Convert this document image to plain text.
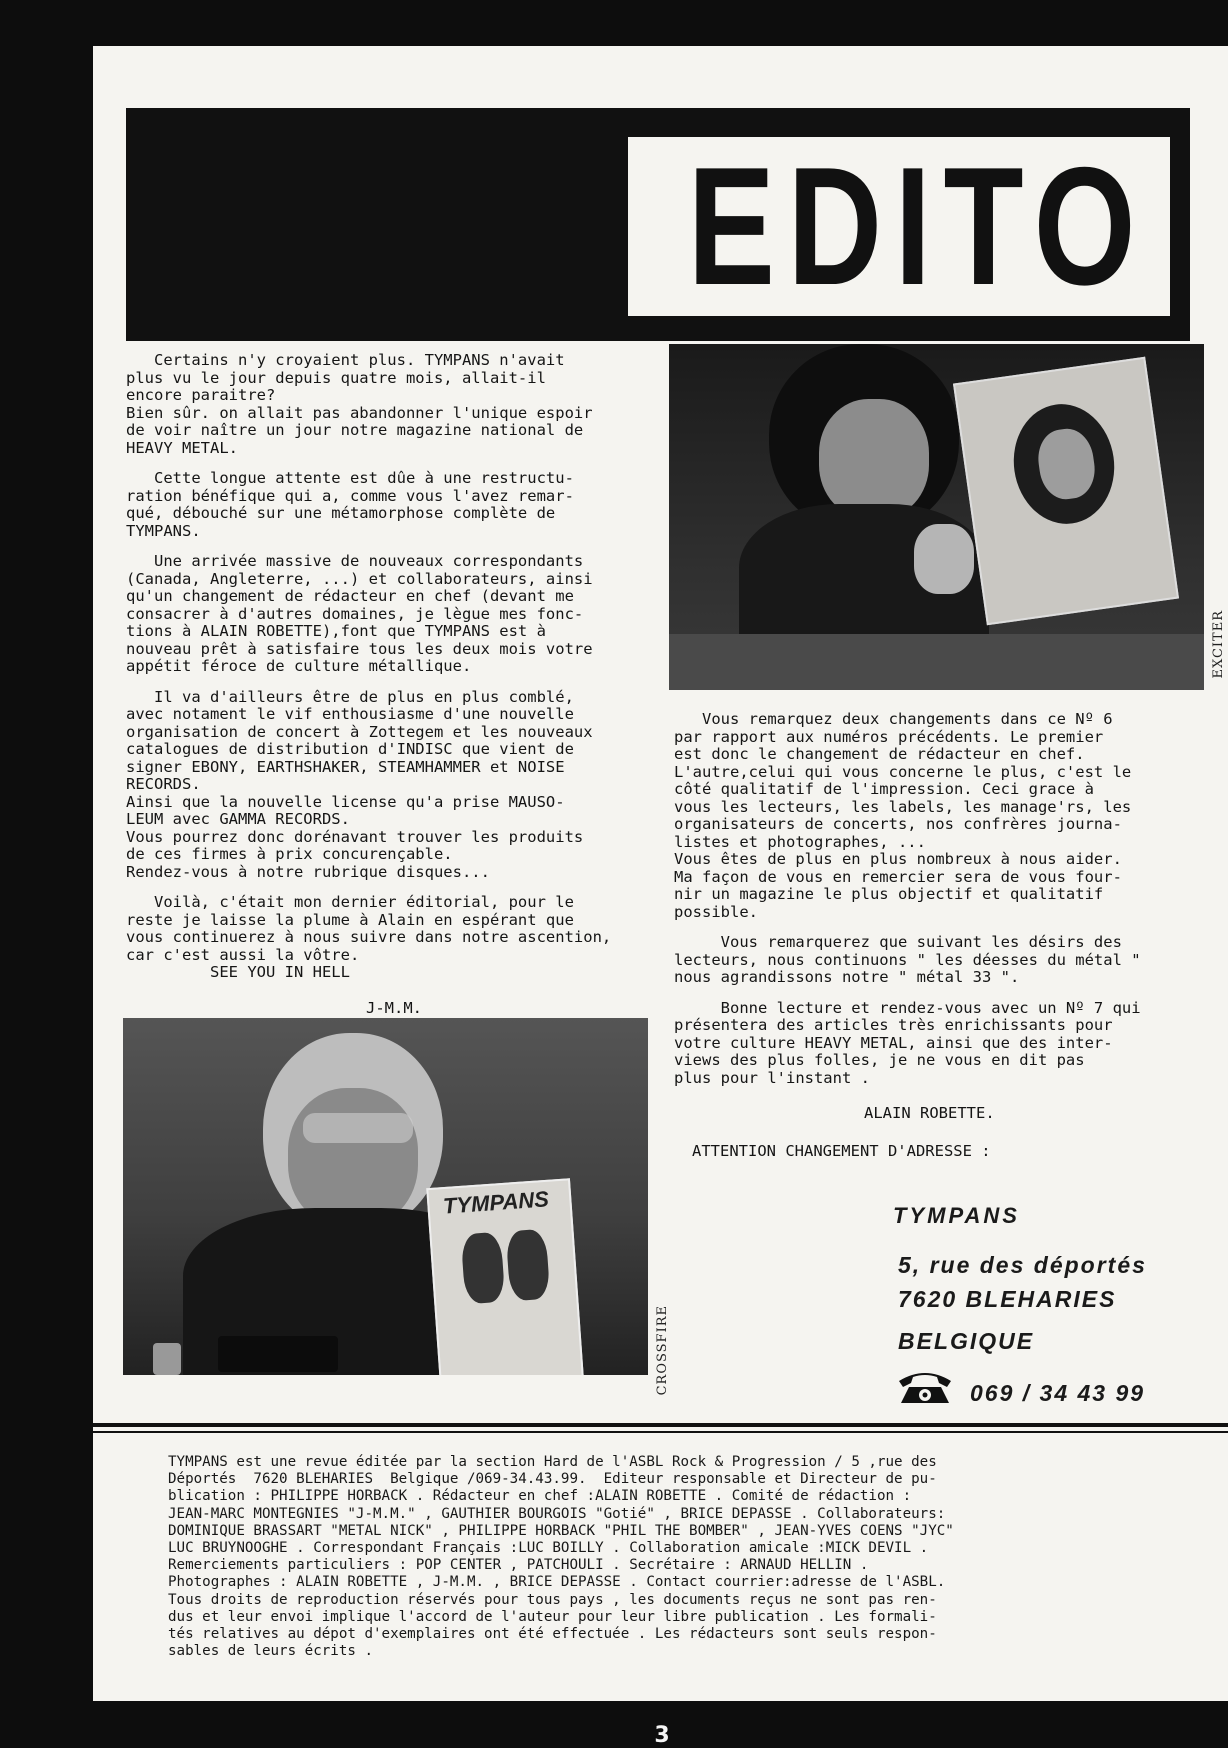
EDITO
Certains n'y croyaient plus. TYMPANS n'avait
plus vu le jour depuis quatre mois, allait-il
encore paraitre?
Bien sûr. on allait pas abandonner l'unique espoir
de voir naître un jour notre magazine national de
HEAVY METAL.
Cette longue attente est dûe à une restructu-
ration bénéfique qui a, comme vous l'avez remar-
qué, débouché sur une métamorphose complète de
TYMPANS.
Une arrivée massive de nouveaux correspondants
(Canada, Angleterre, ...) et collaborateurs, ainsi
qu'un changement de rédacteur en chef (devant me
consacrer à d'autres domaines, je lègue mes fonc-
tions à ALAIN ROBETTE),font que TYMPANS est à
nouveau prêt à satisfaire tous les deux mois votre
appétit féroce de culture métallique.
Il va d'ailleurs être de plus en plus comblé,
avec notament le vif enthousiasme d'une nouvelle
organisation de concert à Zottegem et les nouveaux
catalogues de distribution d'INDISC que vient de
signer EBONY, EARTHSHAKER, STEAMHAMMER et NOISE
RECORDS.
Ainsi que la nouvelle license qu'a prise MAUSO-
LEUM avec GAMMA RECORDS.
Vous pourrez donc dorénavant trouver les produits
de ces firmes à prix concurençable.
Rendez-vous à notre rubrique disques...
Voilà, c'était mon dernier éditorial, pour le
reste je laisse la plume à Alain en espérant que
vous continuerez à nous suivre dans notre ascention,
car c'est aussi la vôtre.
SEE YOU IN HELL
J-M.M.
EXCITER
Vous remarquez deux changements dans ce Nº 6
par rapport aux numéros précédents. Le premier
est donc le changement de rédacteur en chef.
L'autre,celui qui vous concerne le plus, c'est le
côté qualitatif de l'impression. Ceci grace à
vous les lecteurs, les labels, les manage'rs, les
organisateurs de concerts, nos confrères journa-
listes et photographes, ...
Vous êtes de plus en plus nombreux à nous aider.
Ma façon de vous en remercier sera de vous four-
nir un magazine le plus objectif et qualitatif
possible.
Vous remarquerez que suivant les désirs des
lecteurs, nous continuons " les déesses du métal "
nous agrandissons notre " métal 33 ".
Bonne lecture et rendez-vous avec un Nº 7 qui
présentera des articles très enrichissants pour
votre culture HEAVY METAL, ainsi que des inter-
views des plus folles, je ne vous en dit pas
plus pour l'instant .
ALAIN ROBETTE.
ATTENTION CHANGEMENT D'ADRESSE :
TYMPANS
CROSSFIRE
TYMPANS
5, rue des déportés
7620 BLEHARIES
BELGIQUE
069 / 34 43 99
TYMPANS est une revue éditée par la section Hard de l'ASBL Rock & Progression / 5 ,rue des
Déportés  7620 BLEHARIES  Belgique /069-34.43.99.  Editeur responsable et Directeur de pu-
blication : PHILIPPE HORBACK . Rédacteur en chef :ALAIN ROBETTE . Comité de rédaction :
JEAN-MARC MONTEGNIES "J-M.M." , GAUTHIER BOURGOIS "Gotié" , BRICE DEPASSE . Collaborateurs:
DOMINIQUE BRASSART "METAL NICK" , PHILIPPE HORBACK "PHIL THE BOMBER" , JEAN-YVES COENS "JYC"
LUC BRUYNOOGHE . Correspondant Français :LUC BOILLY . Collaboration amicale :MICK DEVIL .
Remerciements particuliers : POP CENTER , PATCHOULI . Secrétaire : ARNAUD HELLIN .
Photographes : ALAIN ROBETTE , J-M.M. , BRICE DEPASSE . Contact courrier:adresse de l'ASBL.
Tous droits de reproduction réservés pour tous pays , les documents reçus ne sont pas ren-
dus et leur envoi implique l'accord de l'auteur pour leur libre publication . Les formali-
tés relatives au dépot d'exemplaires ont été effectuée . Les rédacteurs sont seuls respon-
sables de leurs écrits .
3
